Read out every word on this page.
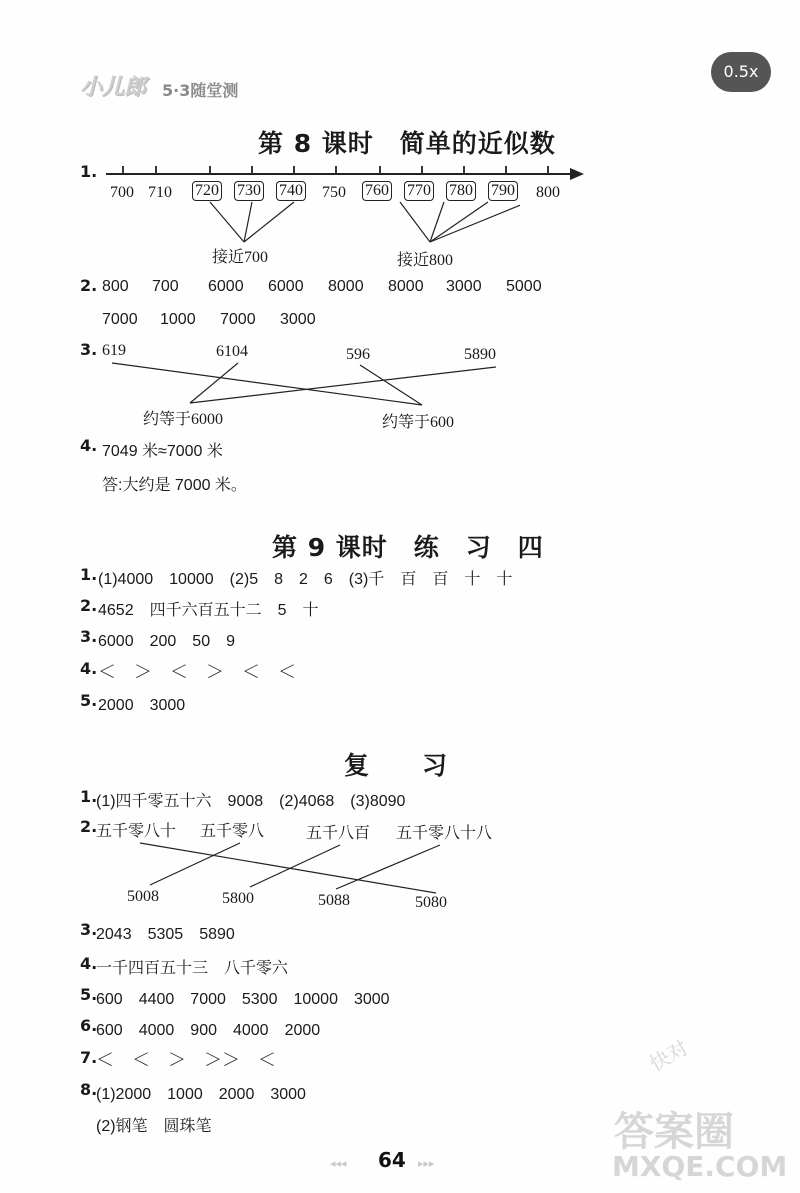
小儿郎 5·3随堂测
0.5x
第 8 课时　简单的近似数
1.
700 710 720 730 740 750 760 770 780 790 800
接近700	接近800
2. 800	700	6000	6000	8000	8000	3000	5000
7000	1000	7000	3000
3. 619	6104	596	5890
约等于6000	约等于600
4. 7049 米≈7000 米
答:大约是 7000 米。
第 9 课时　练　习　四
1. (1)4000　10000　(2)5　8　2　6　(3)千　百　百　十　十
2. 4652　四千六百五十二　5　十
3. 6000　200　50　9
4. ＜　＞　＜　＞　＜　＜
5. 2000　3000
复　　习
1.
(1)四千零五十六　9008　(2)4068　(3)8090
2.
五千零八十 五千零八	五千八百 五千零八十八
5008	5800	5088	5080
3.
2043　5305　5890
4.
一千四百五十三　八千零六
5.
600　4400　7000　5300　10000　3000
6.
600　4000　900　4000　2000
7.
＜　＜　＞　＞＞　＜
8.
(1)2000　1000　2000　3000
(2)钢笔　圆珠笔
快对
答案圈
MXQE.COM
◂◂◂ 64 ▸▸▸
